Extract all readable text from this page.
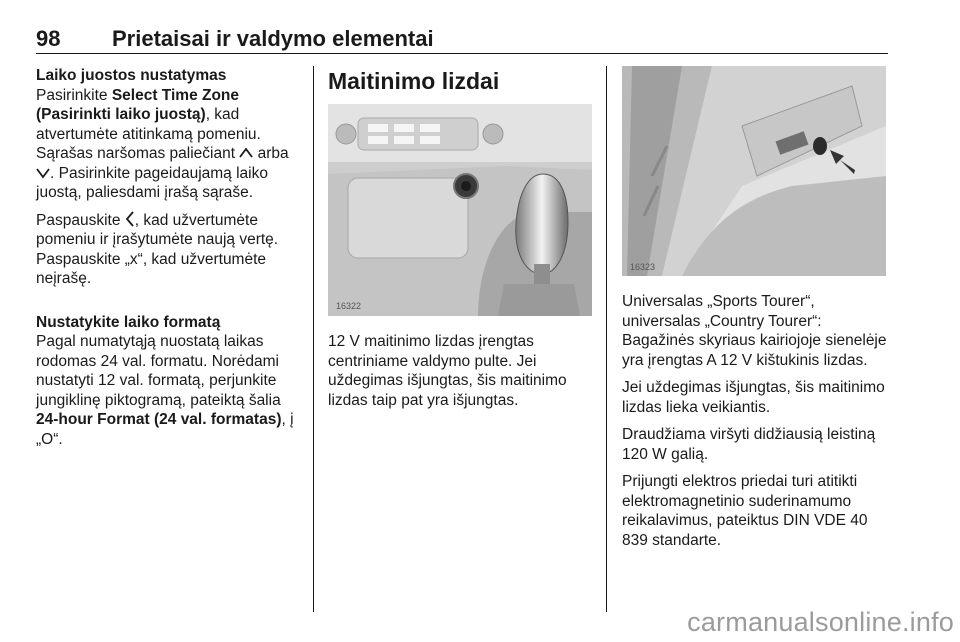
98 Prietaisai ir valdymo elementai
Laiko juostos nustatymas

Pasirinkite Select Time Zone (Pasirinkti laiko juostą), kad atvertumėte atitinkamą pomeniu. Sąrašas naršomas paliečiant  arba . Pasirinkite pageidaujamą laiko juostą, paliesdami įrašą sąraše.

Paspauskite , kad užvertumėte pomeniu ir įrašytumėte naują vertę. Paspauskite „x“, kad užvertumėte neįrašę.

Nustatykite laiko formatą

Pagal numatytąją nuostatą laikas rodomas 24 val. formatu. Norėdami nustatyti 12 val. formatą, perjunkite jungiklinę piktogramą, pateiktą šalia 24-hour Format (24 val. formatas), į „O“.

Maitinimo lizdai
16322

12 V maitinimo lizdas įrengtas centriniame valdymo pulte. Jei uždegimas išjungtas, šis maitinimo lizdas taip pat yra išjungtas.

16323

Universalas „Sports Tourer“, universalas „Country Tourer“: Bagažinės skyriaus kairiojoje sienelėje yra įrengtas A 12 V kištukinis lizdas.

Jei uždegimas išjungtas, šis maitinimo lizdas lieka veikiantis.

Draudžiama viršyti didžiausią leistiną 120 W galią.

Prijungti elektros priedai turi atitikti elektromagnetinio suderinamumo reikalavimus, pateiktus DIN VDE 40 839 standarte.

carmanualsonline.info
